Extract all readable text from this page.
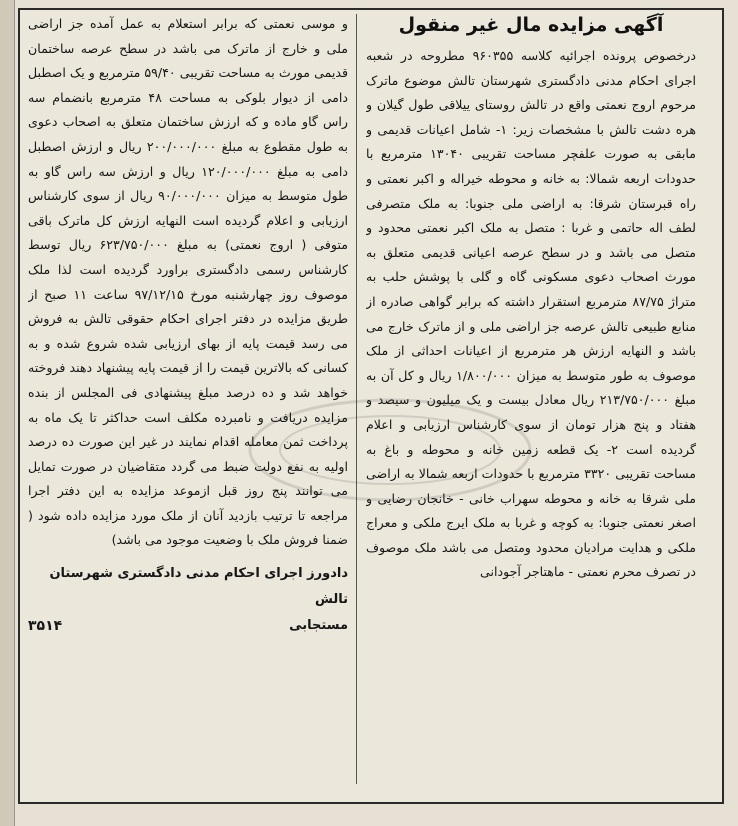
آگهی مزایده مال غیر منقول
درخصوص پرونده اجرائیه کلاسه ۹۶۰۳۵۵ مطروحه در شعبه اجرای احکام مدنی دادگستری شهرستان تالش موضوع ماترک مرحوم اروج نعمتی واقع در تالش روستای ییلاقی طول گیلان و هره دشت تالش با مشخصات زیر: ۱- شامل اعیانات قدیمی و مابقی به صورت علفچر مساحت تقریبی ۱۳۰۴۰ مترمربع با حدودات اربعه شمالا: به خانه و محوطه خیراله و اکبر نعمتی و راه قبرستان شرقا: به اراضی ملی جنوبا: به ملک متصرفی لطف اله حاتمی و غربا : متصل به ملک اکبر نعمتی محدود و متصل می باشد و در سطح عرصه اعیانی قدیمی متعلق به مورث اصحاب دعوی مسکونی گاه و گلی با پوشش حلب به متراژ ۸۷/۷۵ مترمربع استقرار داشته که برابر گواهی صادره از منابع طبیعی تالش عرصه جز اراضی ملی و از ماترک خارج می باشد و النهایه ارزش هر مترمربع از اعیانات احداثی از ملک موصوف به طور متوسط به میزان ۱/۸۰۰/۰۰۰ ریال و کل آن به مبلغ ۲۱۳/۷۵۰/۰۰۰ ریال معادل بیست و یک میلیون و سیصد و هفتاد و پنج هزار تومان از سوی کارشناس ارزیابی و اعلام گردیده است ۲- یک قطعه زمین خانه و محوطه و باغ به مساحت تقریبی ۳۳۲۰ مترمربع با حدودات اربعه شمالا به اراضی ملی شرقا به خانه و محوطه سهراب خانی - خانجان رضایی و اصغر نعمتی جنوبا: به کوچه و غربا به ملک ایرج ملکی و معراج ملکی و هدایت مرادیان محدود ومتصل می باشد ملک موصوف در تصرف محرم نعمتی - ماهتاجر آجودانی
و موسی نعمتی که برابر استعلام به عمل آمده جز اراضی ملی و خارج از ماترک می باشد در سطح عرصه ساختمان قدیمی مورث به مساحت تقریبی ۵۹/۴۰ مترمربع و یک اصطبل دامی از دیوار بلوکی به مساحت ۴۸ مترمربع بانضمام سه راس گاو ماده و که ارزش ساختمان متعلق به اصحاب دعوی به طول مقطوع به مبلغ ۲۰۰/۰۰۰/۰۰۰ ریال و ارزش اصطبل دامی به مبلغ ۱۲۰/۰۰۰/۰۰۰ ریال و ارزش سه راس گاو به طول متوسط به میزان ۹۰/۰۰۰/۰۰۰ ریال از سوی کارشناس ارزیابی و اعلام گردیده است النهایه ارزش کل ماترک باقی متوفی ( اروج نعمتی) به مبلغ ۶۲۳/۷۵۰/۰۰۰ ریال توسط کارشناس رسمی دادگستری براورد گردیده است لذا ملک موصوف روز چهارشنبه مورخ ۹۷/۱۲/۱۵ ساعت ۱۱ صبح از طریق مزایده در دفتر اجرای احکام حقوقی تالش به فروش می رسد قیمت پایه از بهای ارزیابی شده شروع شده و به کسانی که بالاترین قیمت را از قیمت پایه پیشنهاد دهند فروخته خواهد شد و ده درصد مبلغ پیشنهادی فی المجلس از بنده مزایده دریافت و نامبرده مکلف است حداکثر تا یک ماه به پرداخت ثمن معامله اقدام نمایند در غیر این صورت ده درصد اولیه به نفع دولت ضبط می گردد متقاضیان در صورت تمایل می توانند پنج روز قبل ازموعد مزایده به این دفتر اجرا مراجعه تا ترتیب بازدید آنان از ملک مورد مزایده داده شود ( ضمنا فروش ملک با وضعیت موجود می باشد)
دادورز اجرای احکام مدنی دادگستری شهرستان تالش
مستجابی
۳۵۱۴
